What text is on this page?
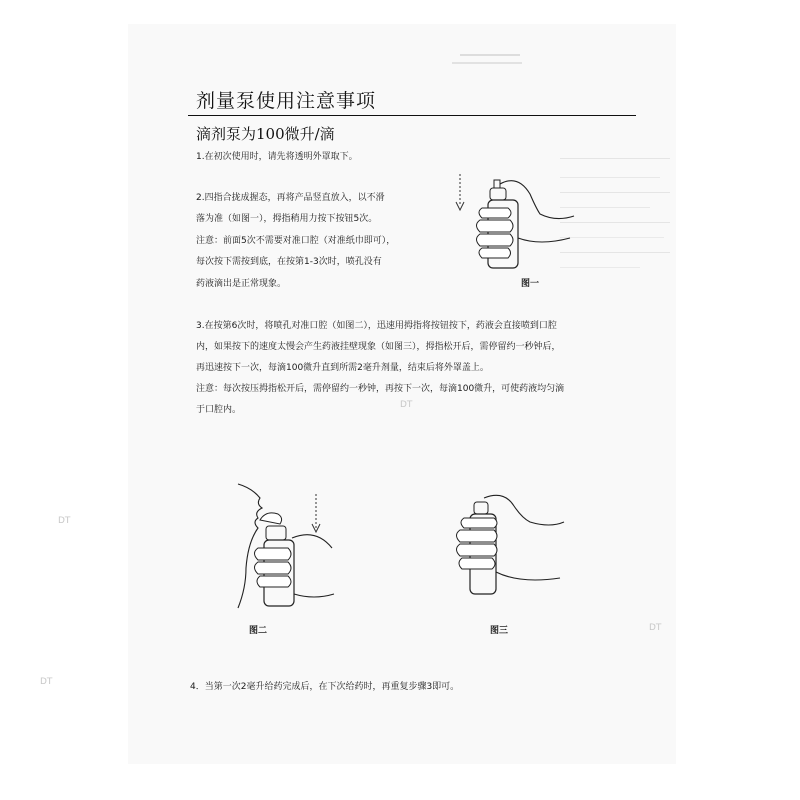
剂量泵使用注意事项
滴剂泵为100微升/滴
1.在初次使用时，请先将透明外罩取下。
2.四指合拢成握态，再将产品竖直放入，以不滑
落为准（如图一），拇指稍用力按下按钮5次。
注意：前面5次不需要对准口腔（对准纸巾即可），
每次按下需按到底，在按第1-3次时，喷孔没有
药液滴出是正常现象。	图一
3.在按第6次时，将喷孔对准口腔（如图二），迅速用拇指将按钮按下，药液会直接喷到口腔
内，如果按下的速度太慢会产生药液挂壁现象（如图三），拇指松开后，需停留约一秒钟后，
再迅速按下一次，每滴100微升直到所需2毫升剂量，结束后将外罩盖上。
注意：每次按压拇指松开后，需停留约一秒钟，再按下一次，每滴100微升，可使药液均匀滴
于口腔内。
图二	图三
4．当第一次2毫升给药完成后，在下次给药时，再重复步骤3即可。
DT
DT
DT
DT
